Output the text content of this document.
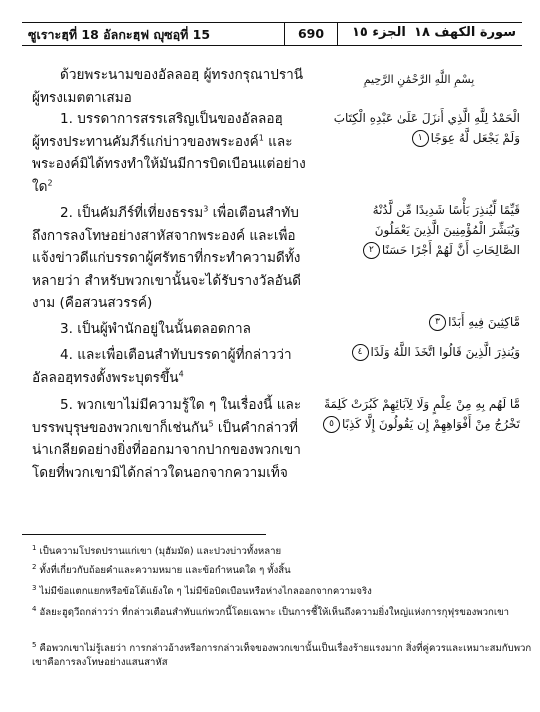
ซูเราะฮฺที่ 18 อัลกะฮฺฟ ญุซอฺที่ 15	690	الجزء ١٥ سورة الكهف ١٨
ด้วยพระนามของอัลลอฮฺ ผู้ทรงกรุณาปรานี ผู้ทรงเมตตาเสมอ
1. บรรดาการสรรเสริญเป็นของอัลลอฮฺผู้ทรงประทานคัมภีร์แก่บ่าวของพระองค์$^1$ และพระองค์มิได้ทรงทำให้มันมีการบิดเบือนแต่อย่างใด$^2$
2. เป็นคัมภีร์ที่เที่ยงธรรม$^3$ เพื่อเตือนสำทับถึงการลงโทษอย่างสาหัสจากพระองค์ และเพื่อแจ้งข่าวดีแก่บรรดาผู้ศรัทธาที่กระทำความดีทั้งหลายว่า สำหรับพวกเขานั้นจะได้รับรางวัลอันดีงาม (คือสวนสวรรค์)
3. เป็นผู้พำนักอยู่ในนั้นตลอดกาล
4. และเพื่อเตือนสำทับบรรดาผู้ที่กล่าวว่าอัลลอฮฺทรงตั้งพระบุตรขึ้น$^4$
5. พวกเขาไม่มีความรู้ใด ๆ ในเรื่องนี้ และบรรพบุรุษของพวกเขาก็เช่นกัน$^5$ เป็นคำกล่าวที่น่าเกลียดอย่างยิ่งที่ออกมาจากปากของพวกเขา โดยที่พวกเขามิได้กล่าวใดนอกจากความเท็จ
بِسْمِ اللَّهِ الرَّحْمَٰنِ الرَّحِيمِ
الْحَمْدُ لِلَّهِ الَّذِي أَنزَلَ عَلَىٰ عَبْدِهِ الْكِتَابَ
وَلَمْ يَجْعَل لَّهُ عِوَجًا١
قَيِّمًا لِّيُنذِرَ بَأْسًا شَدِيدًا مِّن لَّدُنْهُ
وَيُبَشِّرَ الْمُؤْمِنِينَ الَّذِينَ يَعْمَلُونَ
الصَّالِحَاتِ أَنَّ لَهُمْ أَجْرًا حَسَنًا٢
مَّاكِثِينَ فِيهِ أَبَدًا٣
وَيُنذِرَ الَّذِينَ قَالُوا اتَّخَذَ اللَّهُ وَلَدًا٤
مَّا لَهُم بِهِ مِنْ عِلْمٍ وَلَا لِآبَائِهِمْ كَبُرَتْ كَلِمَةً
تَخْرُجُ مِنْ أَفْوَاهِهِمْ إِن يَقُولُونَ إِلَّا كَذِبًا٥
$^1$ เป็นความโปรดปรานแก่เขา (มุฮัมมัด) และปวงบ่าวทั้งหลาย
$^2$ ทั้งที่เกี่ยวกับถ้อยคำและความหมาย และข้อกำหนดใด ๆ ทั้งสิ้น
$^3$ ไม่มีข้อแตกแยกหรือข้อโต้แย้งใด ๆ ไม่มีข้อบิดเบือนหรือห่างไกลออกจากความจริง
$^4$ อัลยะฮูดฺวีถกล่าวว่า ที่กล่าวเตือนสำทับแก่พวกนี้โดยเฉพาะ เป็นการชี้ให้เห็นถึงความยิ่งใหญ่แห่งการกุฟุรของพวกเขา
$^5$ คือพวกเขาไม่รู้เลยว่า การกล่าวอ้างหรือการกล่าวเท็จของพวกเขานั้นเป็นเรื่องร้ายแรงมาก สิ่งที่คู่ควรและเหมาะสมกับพวกเขาคือการลงโทษอย่างแสนสาหัส
